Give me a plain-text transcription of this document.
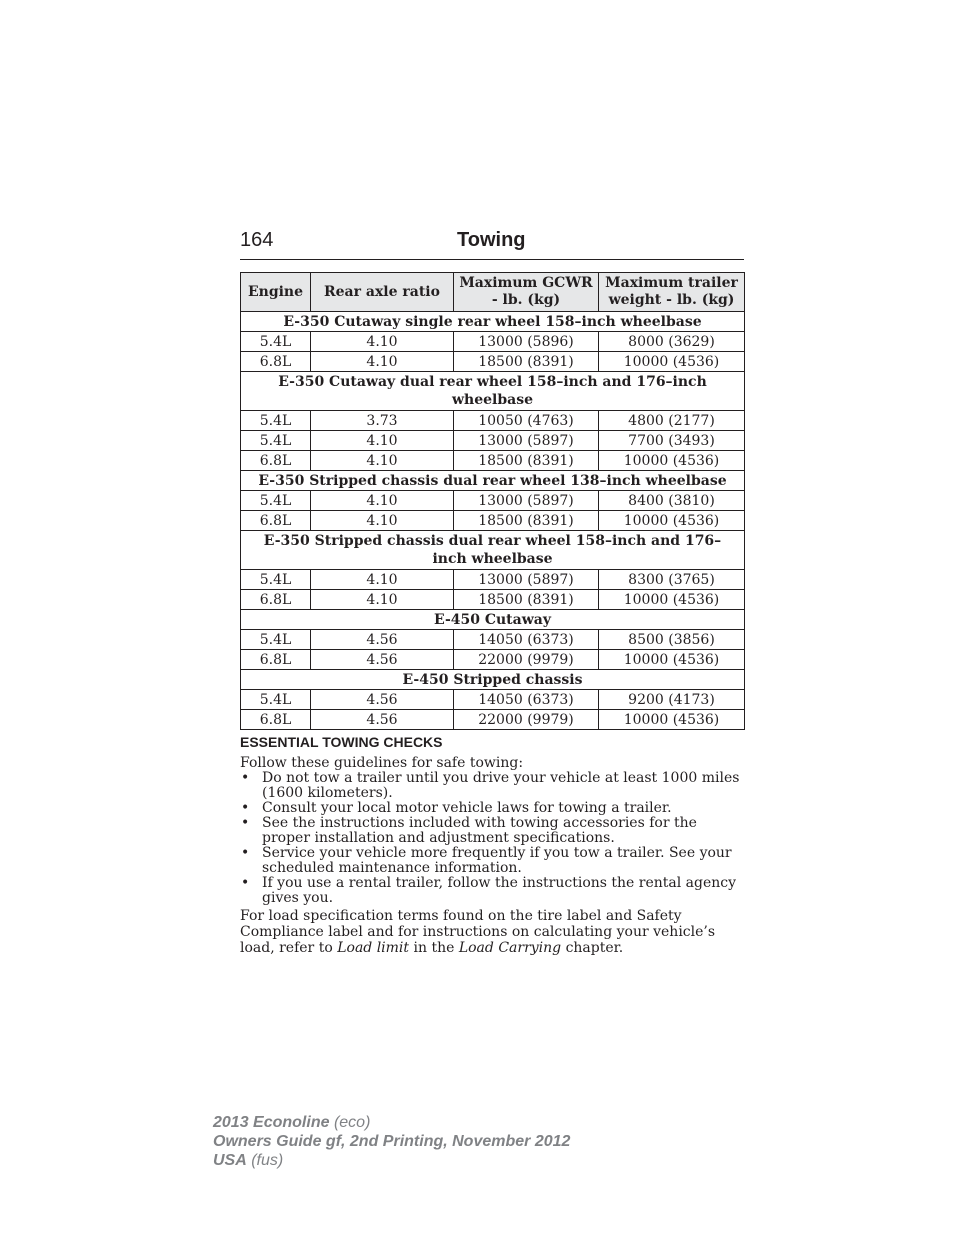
164	Towing
Engine	Rear axle ratio	Maximum GCWR - lb. (kg)	Maximum trailer weight - lb. (kg)
E-350 Cutaway single rear wheel 158–inch wheelbase			
5.4L	4.10	13000 (5896)	8000 (3629)
6.8L	4.10	18500 (8391)	10000 (4536)
E-350 Cutaway dual rear wheel 158–inch and 176–inch wheelbase			
5.4L	3.73	10050 (4763)	4800 (2177)
5.4L	4.10	13000 (5897)	7700 (3493)
6.8L	4.10	18500 (8391)	10000 (4536)
E-350 Stripped chassis dual rear wheel 138–inch wheelbase			
5.4L	4.10	13000 (5897)	8400 (3810)
6.8L	4.10	18500 (8391)	10000 (4536)
E-350 Stripped chassis dual rear wheel 158–inch and 176–inch wheelbase			
5.4L	4.10	13000 (5897)	8300 (3765)
6.8L	4.10	18500 (8391)	10000 (4536)
E-450 Cutaway			
5.4L	4.56	14050 (6373)	8500 (3856)
6.8L	4.56	22000 (9979)	10000 (4536)
E-450 Stripped chassis			
5.4L	4.56	14050 (6373)	9200 (4173)
6.8L	4.56	22000 (9979)	10000 (4536)
ESSENTIAL TOWING CHECKS
Follow these guidelines for safe towing:
• Do not tow a trailer until you drive your vehicle at least 1000 miles (1600 kilometers).
• Consult your local motor vehicle laws for towing a trailer.
• See the instructions included with towing accessories for the proper installation and adjustment specifications.
• Service your vehicle more frequently if you tow a trailer. See your scheduled maintenance information.
• If you use a rental trailer, follow the instructions the rental agency gives you.
For load specification terms found on the tire label and Safety Compliance label and for instructions on calculating your vehicle’s load, refer to Load limit in the Load Carrying chapter.
2013 Econoline (eco)
Owners Guide gf, 2nd Printing, November 2012
USA (fus)
